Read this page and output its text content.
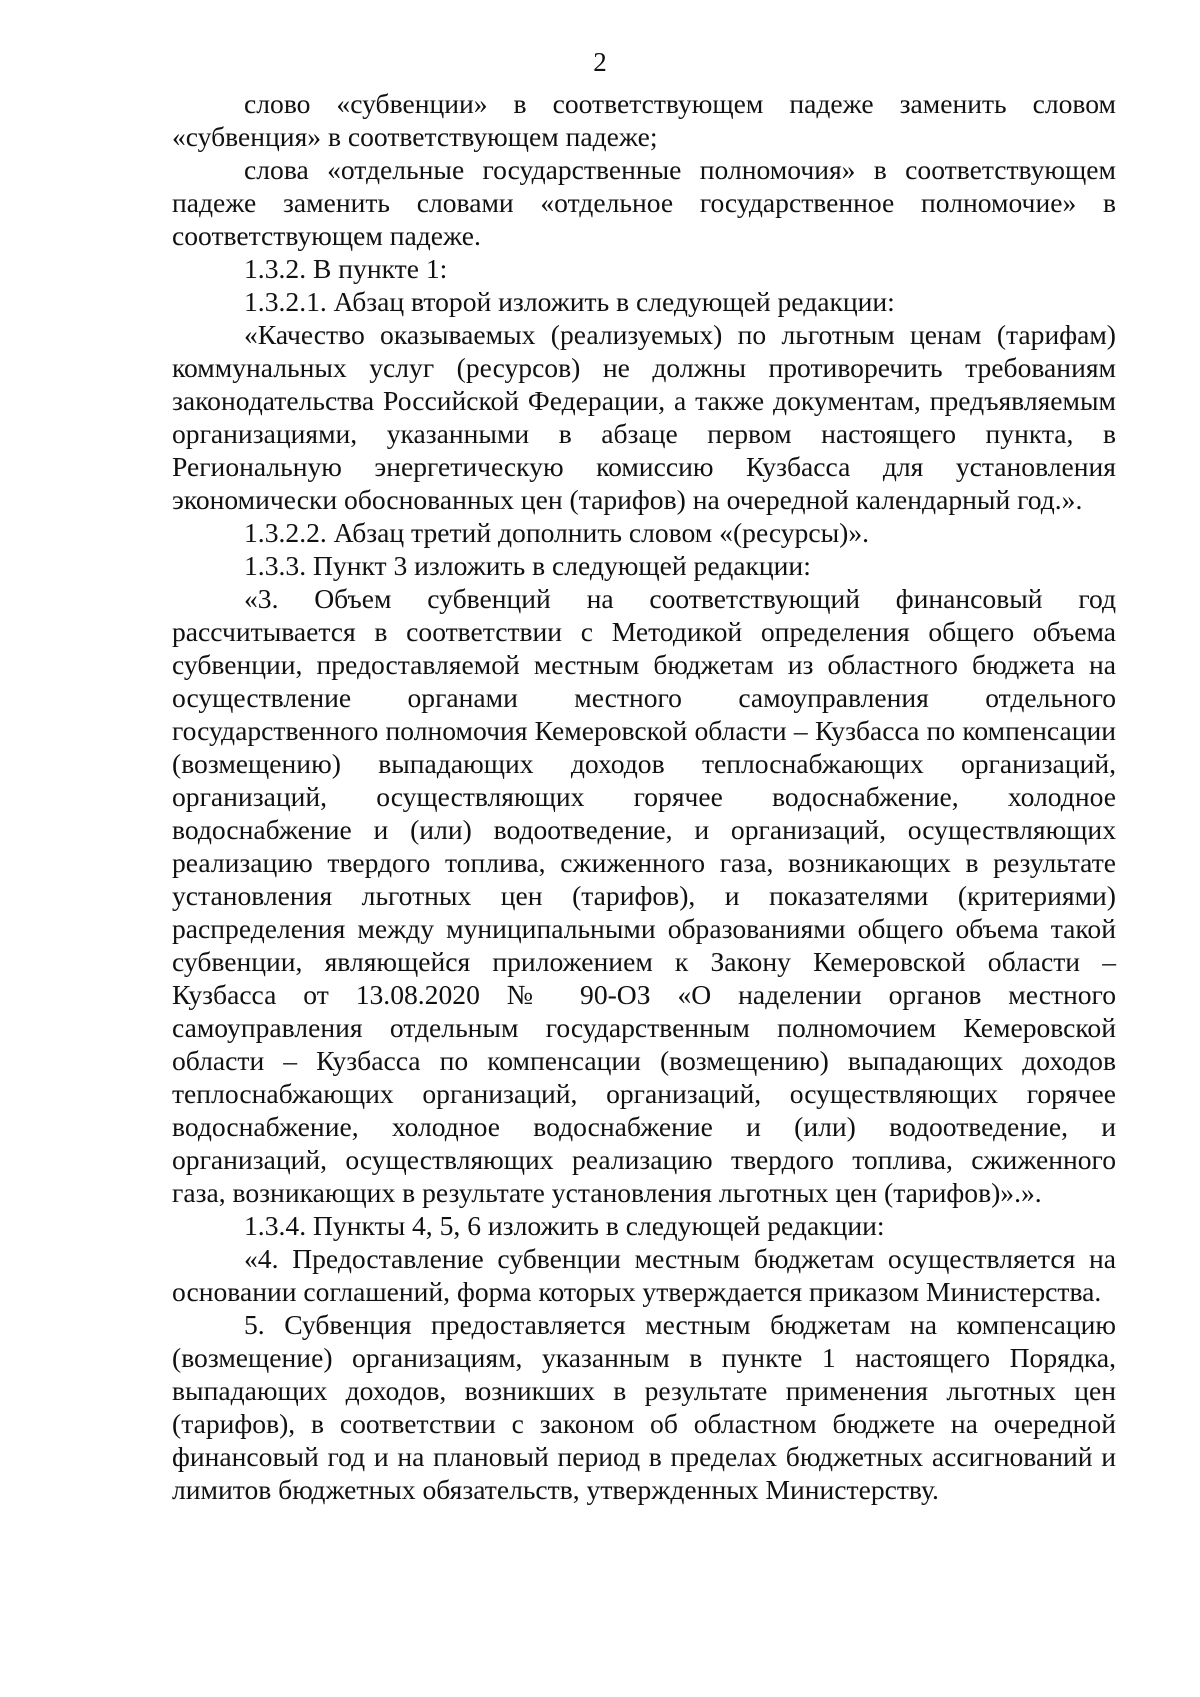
2

слово «субвенции» в соответствующем падеже заменить словом «субвенция» в соответствующем падеже;

слова «отдельные государственные полномочия» в соответствующем падеже заменить словами «отдельное государственное полномочие» в соответствующем падеже.

1.3.2. В пункте 1:

1.3.2.1. Абзац второй изложить в следующей редакции:

«Качество оказываемых (реализуемых) по льготным ценам (тарифам) коммунальных услуг (ресурсов) не должны противоречить требованиям законодательства Российской Федерации, а также документам, предъявляемым организациями, указанными в абзаце первом настоящего пункта, в Региональную энергетическую комиссию Кузбасса для установления экономически обоснованных цен (тарифов) на очередной календарный год.».

1.3.2.2. Абзац третий дополнить словом «(ресурсы)».

1.3.3. Пункт 3 изложить в следующей редакции:

«3. Объем субвенций на соответствующий финансовый год рассчитывается в соответствии с Методикой определения общего объема субвенции, предоставляемой местным бюджетам из областного бюджета на осуществление органами местного самоуправления отдельного государственного полномочия Кемеровской области – Кузбасса по компенсации (возмещению) выпадающих доходов теплоснабжающих организаций, организаций, осуществляющих горячее водоснабжение, холодное водоснабжение и (или) водоотведение, и организаций, осуществляющих реализацию твердого топлива, сжиженного газа, возникающих в результате установления льготных цен (тарифов), и показателями (критериями) распределения между муниципальными образованиями общего объема такой субвенции, являющейся приложением к Закону Кемеровской области – Кузбасса от 13.08.2020 № 90-ОЗ «О наделении органов местного самоуправления отдельным государственным полномочием Кемеровской области – Кузбасса по компенсации (возмещению) выпадающих доходов теплоснабжающих организаций, организаций, осуществляющих горячее водоснабжение, холодное водоснабжение и (или) водоотведение, и организаций, осуществляющих реализацию твердого топлива, сжиженного газа, возникающих в результате установления льготных цен (тарифов)».».

1.3.4. Пункты 4, 5, 6 изложить в следующей редакции:

«4. Предоставление субвенции местным бюджетам осуществляется на основании соглашений, форма которых утверждается приказом Министерства.

5. Субвенция предоставляется местным бюджетам на компенсацию (возмещение) организациям, указанным в пункте 1 настоящего Порядка, выпадающих доходов, возникших в результате применения льготных цен (тарифов), в соответствии с законом об областном бюджете на очередной финансовый год и на плановый период в пределах бюджетных ассигнований и лимитов бюджетных обязательств, утвержденных Министерству.
